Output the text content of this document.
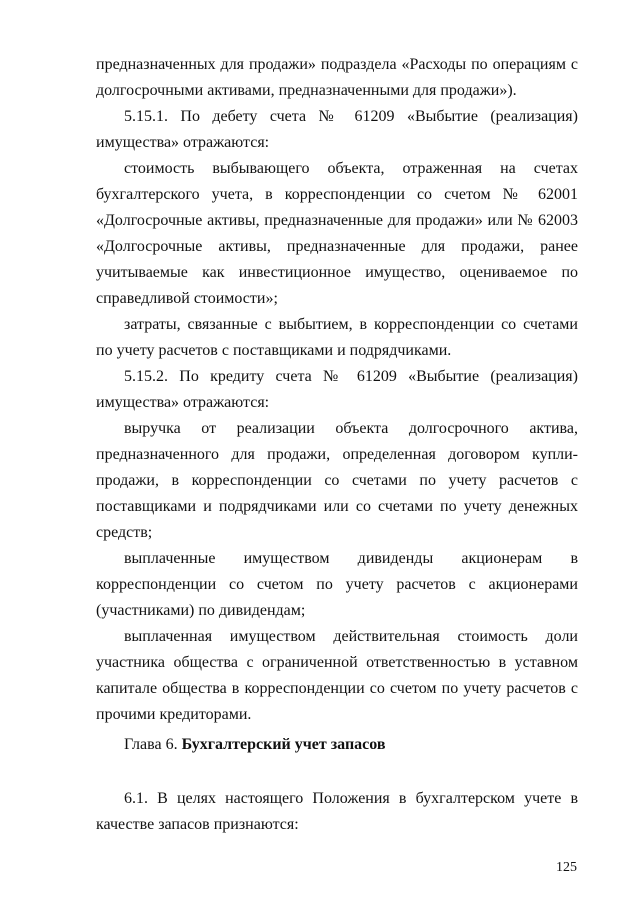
предназначенных для продажи» подраздела «Расходы по операциям с долгосрочными активами, предназначенными для продажи»).

5.15.1. По дебету счета № 61209 «Выбытие (реализация) имущества» отражаются:

стоимость выбывающего объекта, отраженная на счетах бухгалтерского учета, в корреспонденции со счетом № 62001 «Долгосрочные активы, предназначенные для продажи» или № 62003 «Долгосрочные активы, предназначенные для продажи, ранее учитываемые как инвестиционное имущество, оцениваемое по справедливой стоимости»;

затраты, связанные с выбытием, в корреспонденции со счетами по учету расчетов с поставщиками и подрядчиками.

5.15.2. По кредиту счета № 61209 «Выбытие (реализация) имущества» отражаются:

выручка от реализации объекта долгосрочного актива, предназначенного для продажи, определенная договором купли-продажи, в корреспонденции со счетами по учету расчетов с поставщиками и подрядчиками или со счетами по учету денежных средств;

выплаченные имуществом дивиденды акционерам в корреспонденции со счетом по учету расчетов с акционерами (участниками) по дивидендам;

выплаченная имуществом действительная стоимость доли участника общества с ограниченной ответственностью в уставном капитале общества в корреспонденции со счетом по учету расчетов с прочими кредиторами.

Глава 6. Бухгалтерский учет запасов

6.1. В целях настоящего Положения в бухгалтерском учете в качестве запасов признаются:

125
